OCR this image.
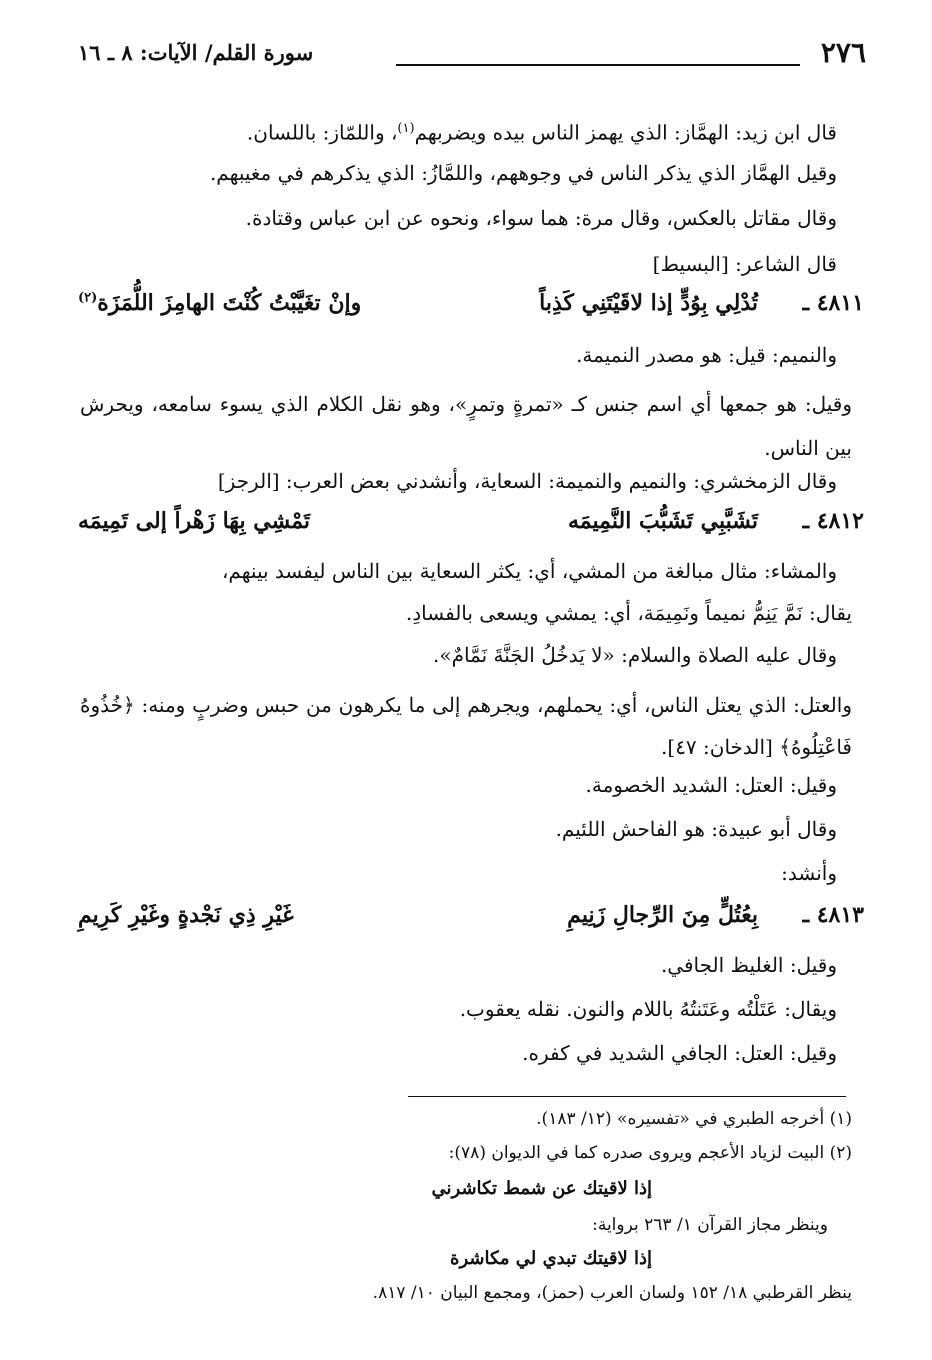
٢٧٦
سورة القلم/ الآيات: ٨ ـ ١٦
قال ابن زيد: الهمَّاز: الذي يهمز الناس بيده ويضربهم$^{(١)}$، واللمّاز: باللسان.
وقيل الهمَّاز الذي يذكر الناس في وجوههم، واللمَّازُ: الذي يذكرهم في مغيبهم.
وقال مقاتل بالعكس، وقال مرة: هما سواء، ونحوه عن ابن عباس وقتادة.
قال الشاعر: [البسيط]
٤٨١١ ـ
تُدْلِي بِوُدٍّ إذا لاقَيْتَنِي كَذِباً
وإنْ تغَيَّبْتُ كُنْتَ الهامِزَ اللُّمَزَة$^{(٢)}$
والنميم: قيل: هو مصدر النميمة.
وقيل: هو جمعها أي اسم جنس كـ «تمرةٍ وتمرٍ»، وهو نقل الكلام الذي يسوء سامعه، ويحرش بين الناس.
وقال الزمخشري: والنميم والنميمة: السعاية، وأنشدني بعض العرب: [الرجز]
٤٨١٢ ـ
تَشَبَّبِي تَشَبُّبَ النَّمِيمَه
تَمْشِي بِهَا زَهْراً إلى تَمِيمَه
والمشاء: مثال مبالغة من المشي، أي: يكثر السعاية بين الناس ليفسد بينهم،
يقال: نَمَّ يَنِمُّ نميماً ونَمِيمَة، أي: يمشي ويسعى بالفسادِ.
وقال عليه الصلاة والسلام: «لا يَدخُلُ الجَنَّةَ نَمَّامٌ».
والعتل: الذي يعتل الناس، أي: يحملهم، ويجرهم إلى ما يكرهون من حبس وضربٍ ومنه: ﴿خُذُوهُ فَاعْتِلُوهُ﴾ [الدخان: ٤٧].
وقيل: العتل: الشديد الخصومة.
وقال أبو عبيدة: هو الفاحش اللئيم.
وأنشد:
٤٨١٣ ـ
بِعُتُلٍّ مِنَ الرِّجالِ زَنِيمِ
غَيْرِ ذِي نَجْدةٍ وغَيْرِ كَرِيمِ
وقيل: الغليظ الجافي.
ويقال: عَتَلْتُه وعَتَنتُهُ باللام والنون. نقله يعقوب.
وقيل: العتل: الجافي الشديد في كفره.
(١) أخرجه الطبري في «تفسيره» (١٢/ ١٨٣).
(٢) البيت لزياد الأعجم ويروى صدره كما في الديوان (٧٨):
إذا لاقيتك عن شمط تكاشرني
وينظر مجاز القرآن ١/ ٢٦٣ برواية:
إذا لاقيتك تبدي لي مكاشرة
ينظر القرطبي ١٨/ ١٥٢ ولسان العرب (حمز)، ومجمع البيان ١٠/ ٨١٧.
